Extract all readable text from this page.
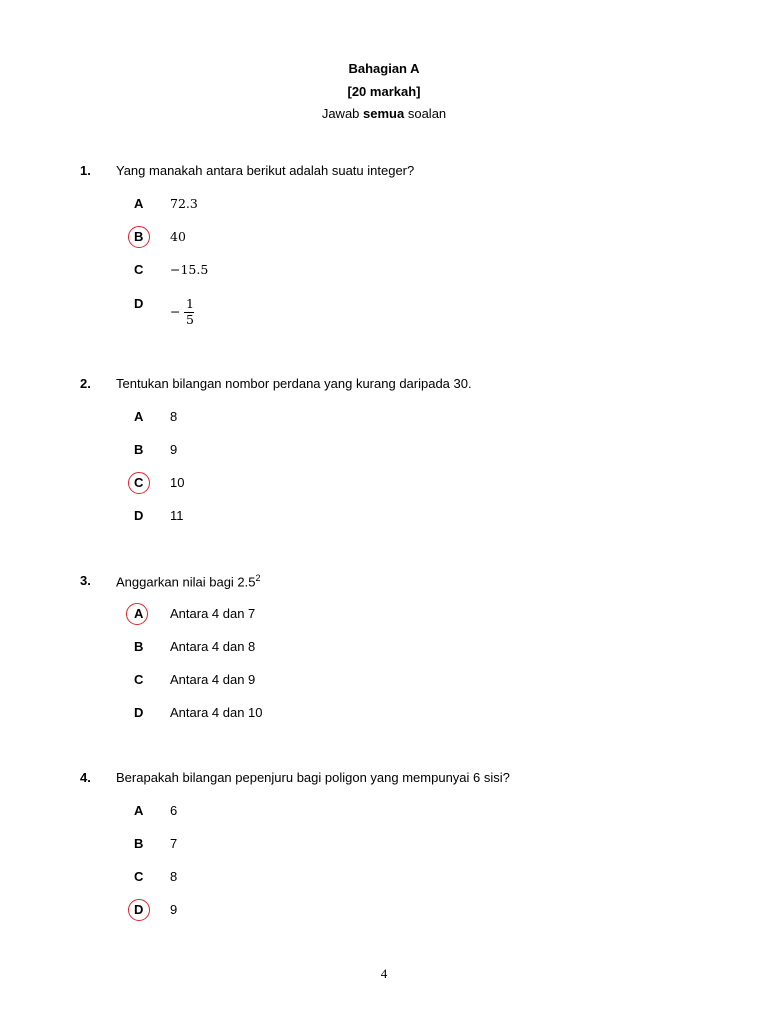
Bahagian A
[20 markah]
Jawab semua soalan
1. Yang manakah antara berikut adalah suatu integer?
A 72.3
B 40
C −15.5
D
−
1
5
2. Tentukan bilangan nombor perdana yang kurang daripada 30.
A 8
B 9
C 10
D 11
3. Anggarkan nilai bagi $2.5^2$
A Antara 4 dan 7
B Antara 4 dan 8
C Antara 4 dan 9
D Antara 4 dan 10
4. Berapakah bilangan pepenjuru bagi poligon yang mempunyai 6 sisi?
A 6
B 7
C 8
D 9
4
